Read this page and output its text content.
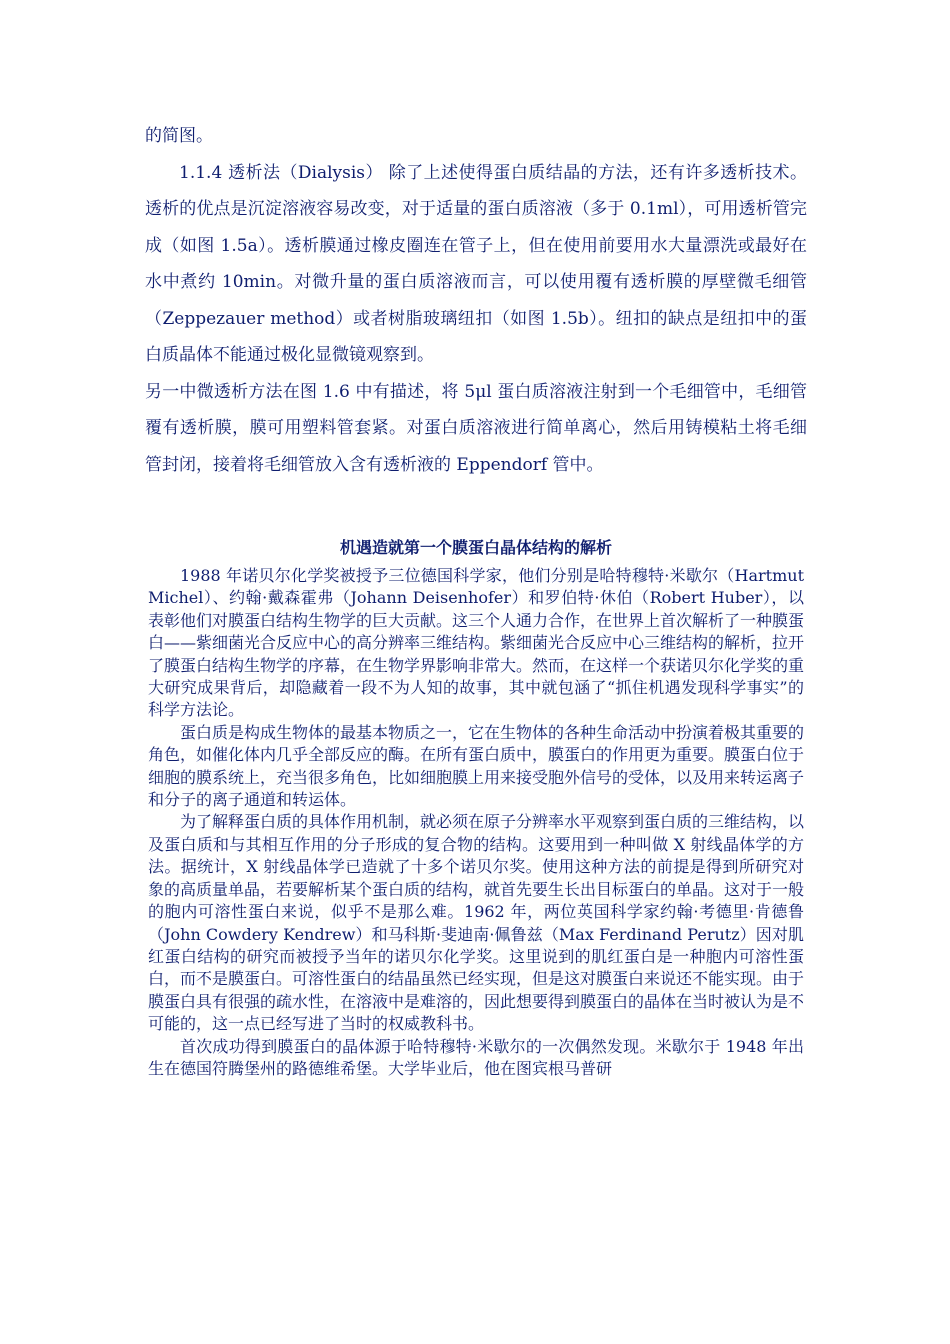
的简图。

1.1.4 透析法（Dialysis） 除了上述使得蛋白质结晶的方法，还有许多透析技术。透析的优点是沉淀溶液容易改变，对于适量的蛋白质溶液（多于 0.1ml），可用透析管完成（如图 1.5a）。透析膜通过橡皮圈连在管子上，但在使用前要用水大量漂洗或最好在水中煮约 10min。对微升量的蛋白质溶液而言，可以使用覆有透析膜的厚壁微毛细管（Zeppezauer method）或者树脂玻璃纽扣（如图 1.5b）。纽扣的缺点是纽扣中的蛋白质晶体不能通过极化显微镜观察到。

另一中微透析方法在图 1.6 中有描述，将 5μl 蛋白质溶液注射到一个毛细管中，毛细管覆有透析膜，膜可用塑料管套紧。对蛋白质溶液进行简单离心，然后用铸模粘土将毛细管封闭，接着将毛细管放入含有透析液的 Eppendorf 管中。

机遇造就第一个膜蛋白晶体结构的解析

1988 年诺贝尔化学奖被授予三位德国科学家，他们分别是哈特穆特·米歇尔（Hartmut Michel）、约翰·戴森霍弗（Johann Deisenhofer）和罗伯特·休伯（Robert Huber），以表彰他们对膜蛋白结构生物学的巨大贡献。这三个人通力合作，在世界上首次解析了一种膜蛋白——紫细菌光合反应中心的高分辨率三维结构。紫细菌光合反应中心三维结构的解析，拉开了膜蛋白结构生物学的序幕，在生物学界影响非常大。然而，在这样一个获诺贝尔化学奖的重大研究成果背后，却隐藏着一段不为人知的故事，其中就包涵了“抓住机遇发现科学事实”的科学方法论。

蛋白质是构成生物体的最基本物质之一，它在生物体的各种生命活动中扮演着极其重要的角色，如催化体内几乎全部反应的酶。在所有蛋白质中，膜蛋白的作用更为重要。膜蛋白位于细胞的膜系统上，充当很多角色，比如细胞膜上用来接受胞外信号的受体，以及用来转运离子和分子的离子通道和转运体。

为了解释蛋白质的具体作用机制，就必须在原子分辨率水平观察到蛋白质的三维结构，以及蛋白质和与其相互作用的分子形成的复合物的结构。这要用到一种叫做 X 射线晶体学的方法。据统计，X 射线晶体学已造就了十多个诺贝尔奖。使用这种方法的前提是得到所研究对象的高质量单晶，若要解析某个蛋白质的结构，就首先要生长出目标蛋白的单晶。这对于一般的胞内可溶性蛋白来说，似乎不是那么难。1962 年，两位英国科学家约翰·考德里·肯德鲁（John Cowdery Kendrew）和马科斯·斐迪南·佩鲁兹（Max Ferdinand Perutz）因对肌红蛋白结构的研究而被授予当年的诺贝尔化学奖。这里说到的肌红蛋白是一种胞内可溶性蛋白，而不是膜蛋白。可溶性蛋白的结晶虽然已经实现，但是这对膜蛋白来说还不能实现。由于膜蛋白具有很强的疏水性，在溶液中是难溶的，因此想要得到膜蛋白的晶体在当时被认为是不可能的，这一点已经写进了当时的权威教科书。

首次成功得到膜蛋白的晶体源于哈特穆特·米歇尔的一次偶然发现。米歇尔于 1948 年出生在德国符腾堡州的路德维希堡。大学毕业后，他在图宾根马普研
